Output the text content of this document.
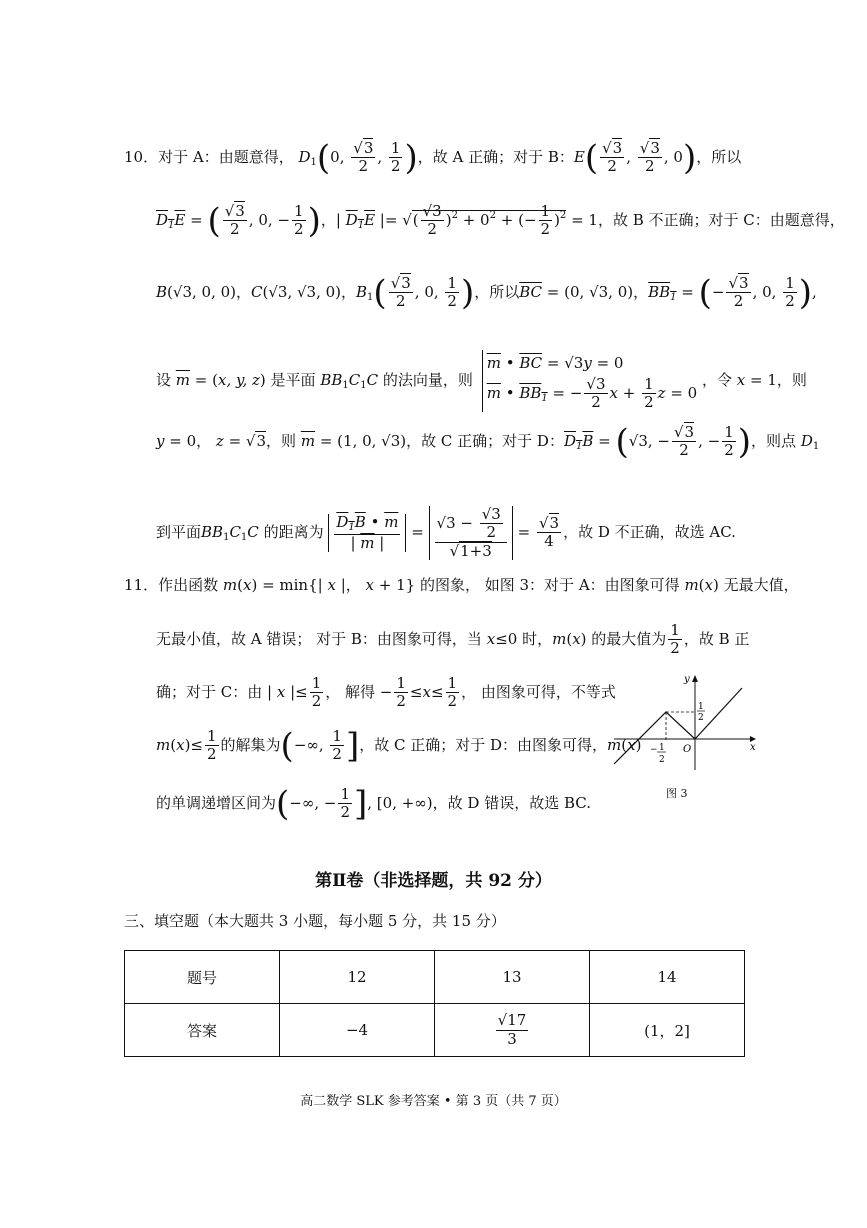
10．对于 A：由题意得， $D_1(0$, $\frac{√3}{2}$ , $\frac{1}{2}$ )，故 A 正确；对于 B：$E( \frac{√3}{2}$ , $\frac{√3}{2}$ , 0)，所以
$D_1E$ = ( $\frac{√3}{2}$ , 0, − $\frac{1}{2}$ )，| $D_1E$ |= √( $\frac{√3}{2} )^2 + 0^2$ + (− $\frac{1}{2} )^2 = 1$，故 B 不正确；对于 C：由题意得，
B(√3, 0, 0)，C(√3, √3, 0)，$B_1( \frac{√3}{2}$ , 0, $\frac{1}{2}$ )，所以$\overline{BC} = (0$, √3, 0)，$BB_1$ = (− $\frac{√3}{2}$ , 0, $\frac{1}{2}$ ),
设 $\overline{m} = (x$, y, z) 是平面 $BB_1C_1C$ 的法向量，则
$\overline{m}$ • $\overline{BC} = √3y = 0$
$\overline{m}$ • $BB_1$ = − $\frac{√3}{2}$ $x + \frac{1}{2}$ z = 0
，令 x = 1，则
y = 0， z = √3，则 $\overline{m} = (1$, 0, √3)，故 C 正确；对于 D：$D_1B = (√3$, − $\frac{√3}{2}$ , − $\frac{1}{2}$ )，则点 $D_1$
到平面$BB_1C_1C$ 的距离为 $\frac{D_1B • \overline{m}}{| \overline{m} |} = \frac{√3 - \frac{√3}{2}}{√1+3} = \frac{√3}{4}$ ，故 D 不正确，故选 AC.
11．作出函数 m(x) = min{| x |， x + 1} 的图象， 如图 3：对于 A：由图象可得 m(x) 无最大值，
无最小值，故 A 错误； 对于 B：由图象可得，当 x≤0 时，m(x) 的最大值为 $\frac{1}{2}$ ，故 B 正
确；对于 C：由 | x |≤ $\frac{1}{2}$ ， 解得 − $\frac{1}{2} \le x\le \frac{1}{2}$ ， 由图象可得，不等式
$m(x)\le \frac{1}{2}$ 的解集为(−∞, $\frac{1}{2}$ ]，故 C 正确；对于 D：由图象可得，m(x)
的单调递增区间为(−∞, − $\frac{1}{2}$ ], [0, +∞)，故 D 错误，故选 BC.
y
x
O
1
2
− 1
2
图 3
第Ⅱ卷（非选择题，共 92 分）
三、填空题（本大题共 3 小题，每小题 5 分，共 15 分）
题号	12	13	14
答案	−4	$\frac{√17}{3}$	(1，2]
高二数学 SLK 参考答案 • 第 3 页（共 7 页）
